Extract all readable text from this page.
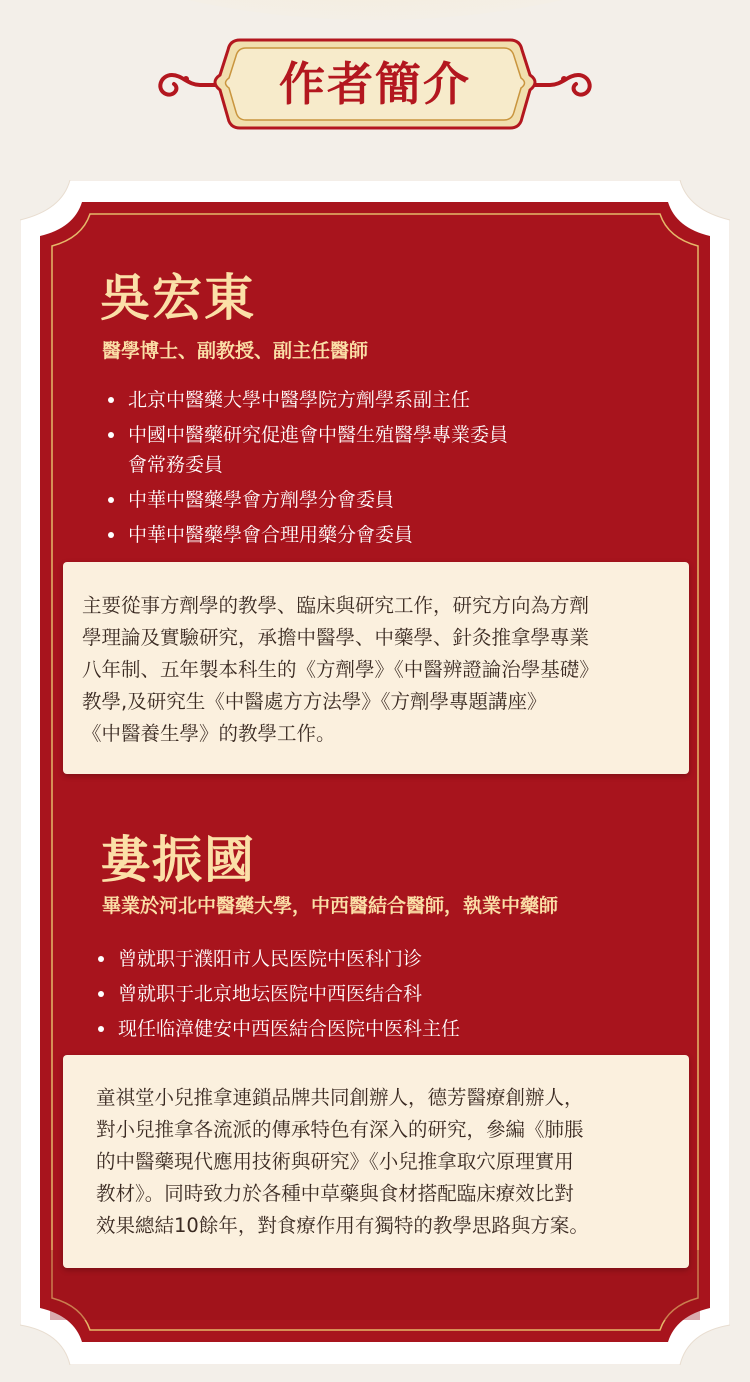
作者簡介
吳宏東
醫學博士、副教授、副主任醫師
北京中醫藥大學中醫學院方劑學系副主任
中國中醫藥研究促進會中醫生殖醫學專業委員
會常務委員
中華中醫藥學會方劑學分會委員
中華中醫藥學會合理用藥分會委員
主要從事方劑學的教學、臨床與研究工作，研究方向為方劑
學理論及實驗研究，承擔中醫學、中藥學、針灸推拿學專業
八年制、五年製本科生的《方劑學》《中醫辨證論治學基礎》
教學,及研究生《中醫處方方法學》《方劑學專題講座》
《中醫養生學》的教學工作。
婁振國
畢業於河北中醫藥大學，中西醫結合醫師，執業中藥師
曾就职于濮阳市人民医院中医科门诊
曾就职于北京地坛医院中西医结合科
现任临漳健安中西医結合医院中医科主任
童祺堂小兒推拿連鎖品牌共同創辦人，德芳醫療創辦人，
對小兒推拿各流派的傳承特色有深入的研究，參編《肺脹
的中醫藥現代應用技術與研究》《小兒推拿取穴原理實用
教材》。同時致力於各種中草藥與食材搭配臨床療效比對
效果總結10餘年，對食療作用有獨特的教學思路與方案。
